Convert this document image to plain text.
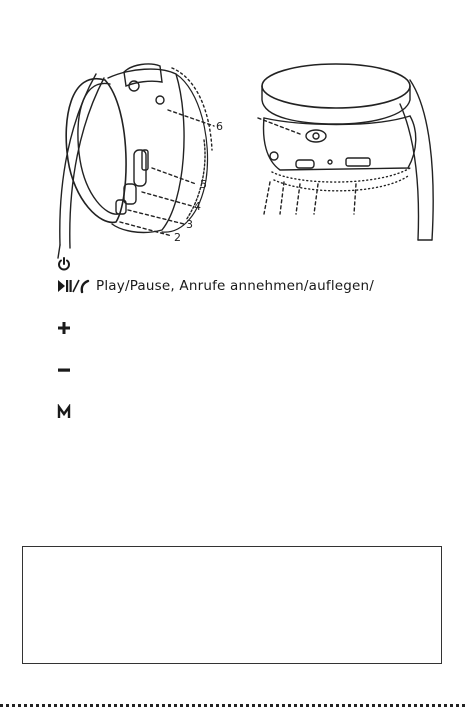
6
5
4
3
2
Play/Pause, Anrufe annehmen/auflegen/
